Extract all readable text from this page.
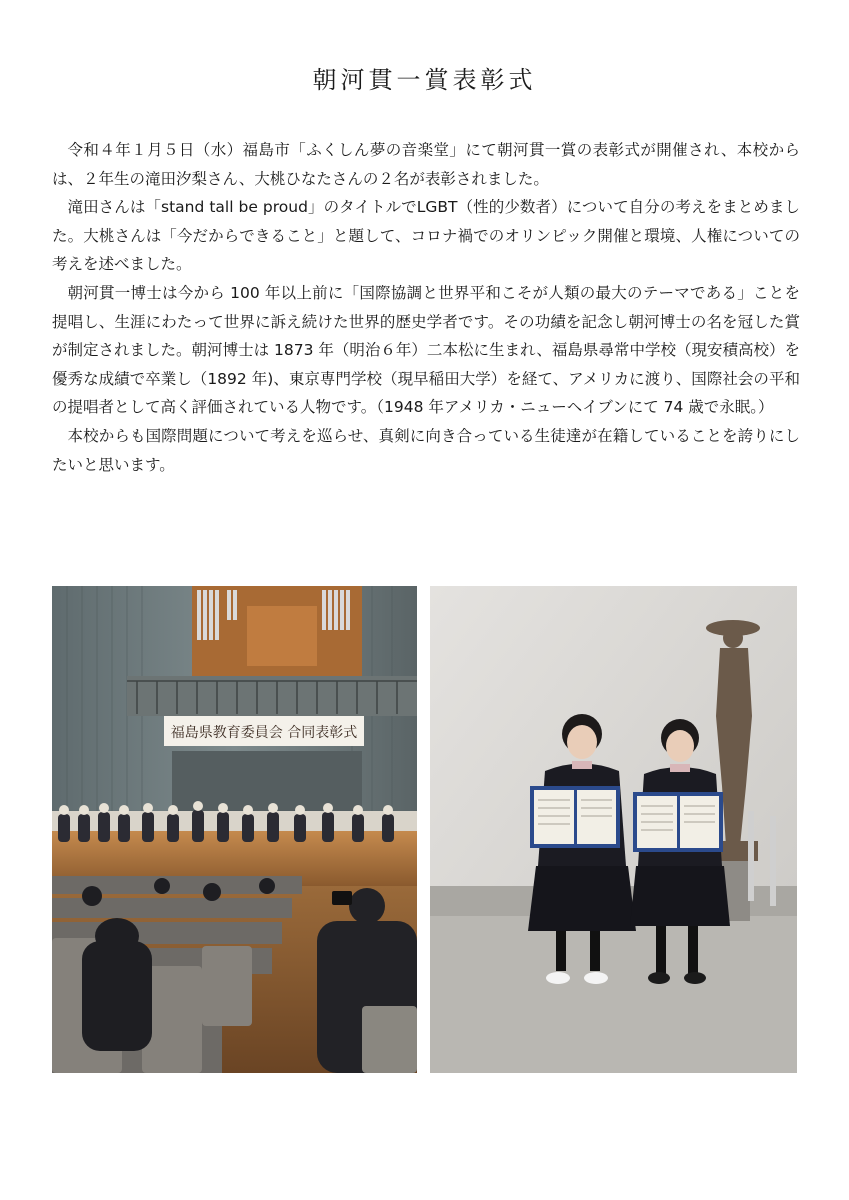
朝河貫一賞表彰式

令和４年１月５日（水）福島市「ふくしん夢の音楽堂」にて朝河貫一賞の表彰式が開催され、本校からは、２年生の滝田汐梨さん、大桃ひなたさんの２名が表彰されました。

滝田さんは「stand tall be proud」のタイトルでLGBT（性的少数者）について自分の考えをまとめました。大桃さんは「今だからできること」と題して、コロナ禍でのオリンピック開催と環境、人権についての考えを述べました。

朝河貫一博士は今から 100 年以上前に「国際協調と世界平和こそが人類の最大のテーマである」ことを 提唱し、生涯にわたって世界に訴え続けた世界的歴史学者です。その功績を記念し朝河博士の名を冠した賞が制定されました。朝河博士は 1873 年（明治６年）二本松に生まれ、福島県尋常中学校（現安積高校）を優秀な成績で卒業し（1892 年)、東京専門学校（現早稲田大学）を経て、アメリカに渡り、国際社会の平和の提唱者として高く評価されている人物です。（1948 年アメリカ・ニューヘイブンにて 74 歳で永眠。）

本校からも国際問題について考えを巡らせ、真剣に向き合っている生徒達が在籍していることを誇りにしたいと思います。

福島県教育委員会 合同表彰式
